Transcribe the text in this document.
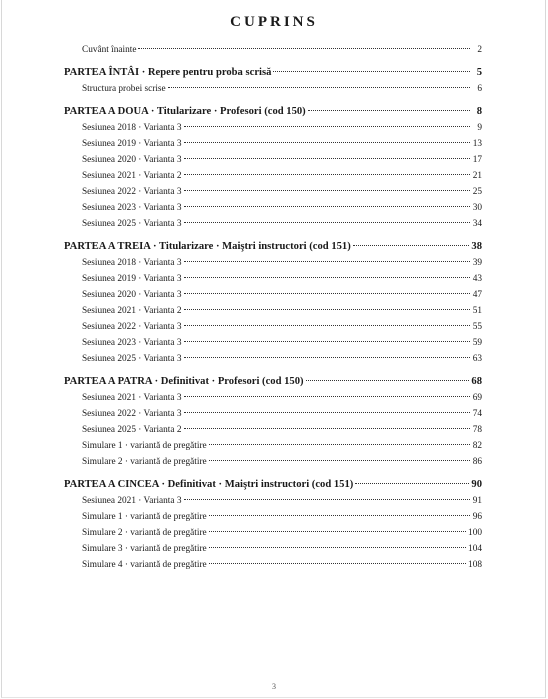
CUPRINS
Cuvânt înainte	2
PARTEA ÎNTÂI · Repere pentru proba scrisă	5
Structura probei scrise	6
PARTEA A DOUA · Titularizare · Profesori (cod 150)	8
Sesiunea 2018 · Varianta 3	9
Sesiunea 2019 · Varianta 3	13
Sesiunea 2020 · Varianta 3	17
Sesiunea 2021 · Varianta 2	21
Sesiunea 2022 · Varianta 3	25
Sesiunea 2023 · Varianta 3	30
Sesiunea 2025 · Varianta 3	34
PARTEA A TREIA · Titularizare · Maiştri instructori (cod 151)	38
Sesiunea 2018 · Varianta 3	39
Sesiunea 2019 · Varianta 3	43
Sesiunea 2020 · Varianta 3	47
Sesiunea 2021 · Varianta 2	51
Sesiunea 2022 · Varianta 3	55
Sesiunea 2023 · Varianta 3	59
Sesiunea 2025 · Varianta 3	63
PARTEA A PATRA · Definitivat · Profesori (cod 150)	68
Sesiunea 2021 · Varianta 3	69
Sesiunea 2022 · Varianta 3	74
Sesiunea 2025 · Varianta 2	78
Simulare 1 · variantă de pregătire	82
Simulare 2 · variantă de pregătire	86
PARTEA A CINCEA · Definitivat · Maiştri instructori (cod 151)	90
Sesiunea 2021 · Varianta 3	91
Simulare 1 · variantă de pregătire	96
Simulare 2 · variantă de pregătire	100
Simulare 3 · variantă de pregătire	104
Simulare 4 · variantă de pregătire	108
3
